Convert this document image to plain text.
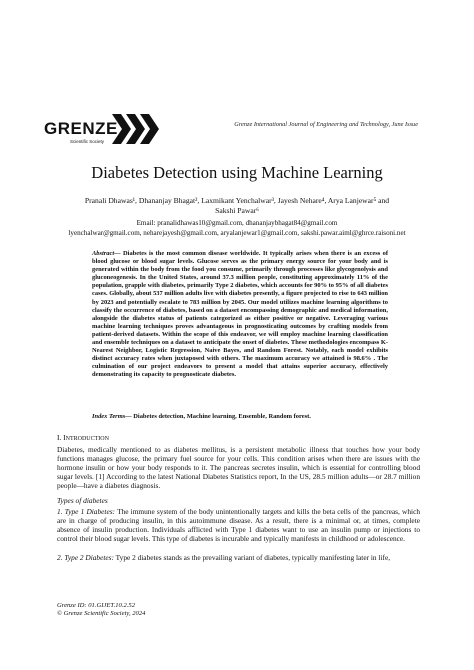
GRENZE
Scientific Society
Grenze International Journal of Engineering and Technology, June Issue
Diabetes Detection using Machine Learning
Pranali Dhawas¹, Dhananjay Bhagat², Laxmikant Yenchalwar³, Jayesh Nehare⁴, Arya Lanjewar⁵ and
Sakshi Pawar⁶
Email: pranalidhawas10@gmail.com, dhananjaybhagat84@gmail.com
lyenchalwar@gmail.com, neharejayesh@gmail.com, aryalanjewar1@gmail.com, sakshi.pawar.aiml@ghrce.raisoni.net
Abstract— Diabetes is the most common disease worldwide. It typically arises when there is an excess of blood glucose or blood sugar levels. Glucose serves as the primary energy source for your body and is generated within the body from the food you consume, primarily through processes like glycogenolysis and gluconeogenesis. In the United States, around 37.3 million people, constituting approximately 11% of the population, grapple with diabetes, primarily Type 2 diabetes, which accounts for 90% to 95% of all diabetes cases. Globally, about 537 million adults live with diabetes presently, a figure projected to rise to 643 million by 2023 and potentially escalate to 783 million by 2045. Our model utilizes machine learning algorithms to classify the occurrence of diabetes, based on a dataset encompassing demographic and medical information, alongside the diabetes status of patients categorized as either positive or negative. Leveraging various machine learning techniques proves advantageous in prognosticating outcomes by crafting models from patient-derived datasets. Within the scope of this endeavor, we will employ machine learning classification and ensemble techniques on a dataset to anticipate the onset of diabetes. These methodologies encompass K-Nearest Neighbor, Logistic Regression, Naive Bayes, and Random Forest. Notably, each model exhibits distinct accuracy rates when juxtaposed with others. The maximum accuracy we attained is 98.6% . The culmination of our project endeavors to present a model that attains superior accuracy, effectively demonstrating its capacity to prognosticate diabetes.
Index Terms— Diabetes detection, Machine learning, Ensemble, Random forest.
I. INTRODUCTION
Diabetes, medically mentioned to as diabetes mellitus, is a persistent metabolic illness that touches how your body functions manages glucose, the primary fuel source for your cells. This condition arises when there are issues with the hormone insulin or how your body responds to it. The pancreas secretes insulin, which is essential for controlling blood sugar levels. [1] According to the latest National Diabetes Statistics report, In the US, 28.5 million adults—or 28.7 million people—have a diabetes diagnosis.
Types of diabetes
1. Type 1 Diabetes: The immune system of the body unintentionally targets and kills the beta cells of the pancreas, which are in charge of producing insulin, in this autoimmune disease. As a result, there is a minimal or, at times, complete absence of insulin production. Individuals afflicted with Type 1 diabetes want to use an insulin pump or injections to control their blood sugar levels. This type of diabetes is incurable and typically manifests in childhood or adolescence.
2. Type 2 Diabetes: Type 2 diabetes stands as the prevailing variant of diabetes, typically manifesting later in life,
Grenze ID: 01.GIJET.10.2.52
© Grenze Scientific Society, 2024
